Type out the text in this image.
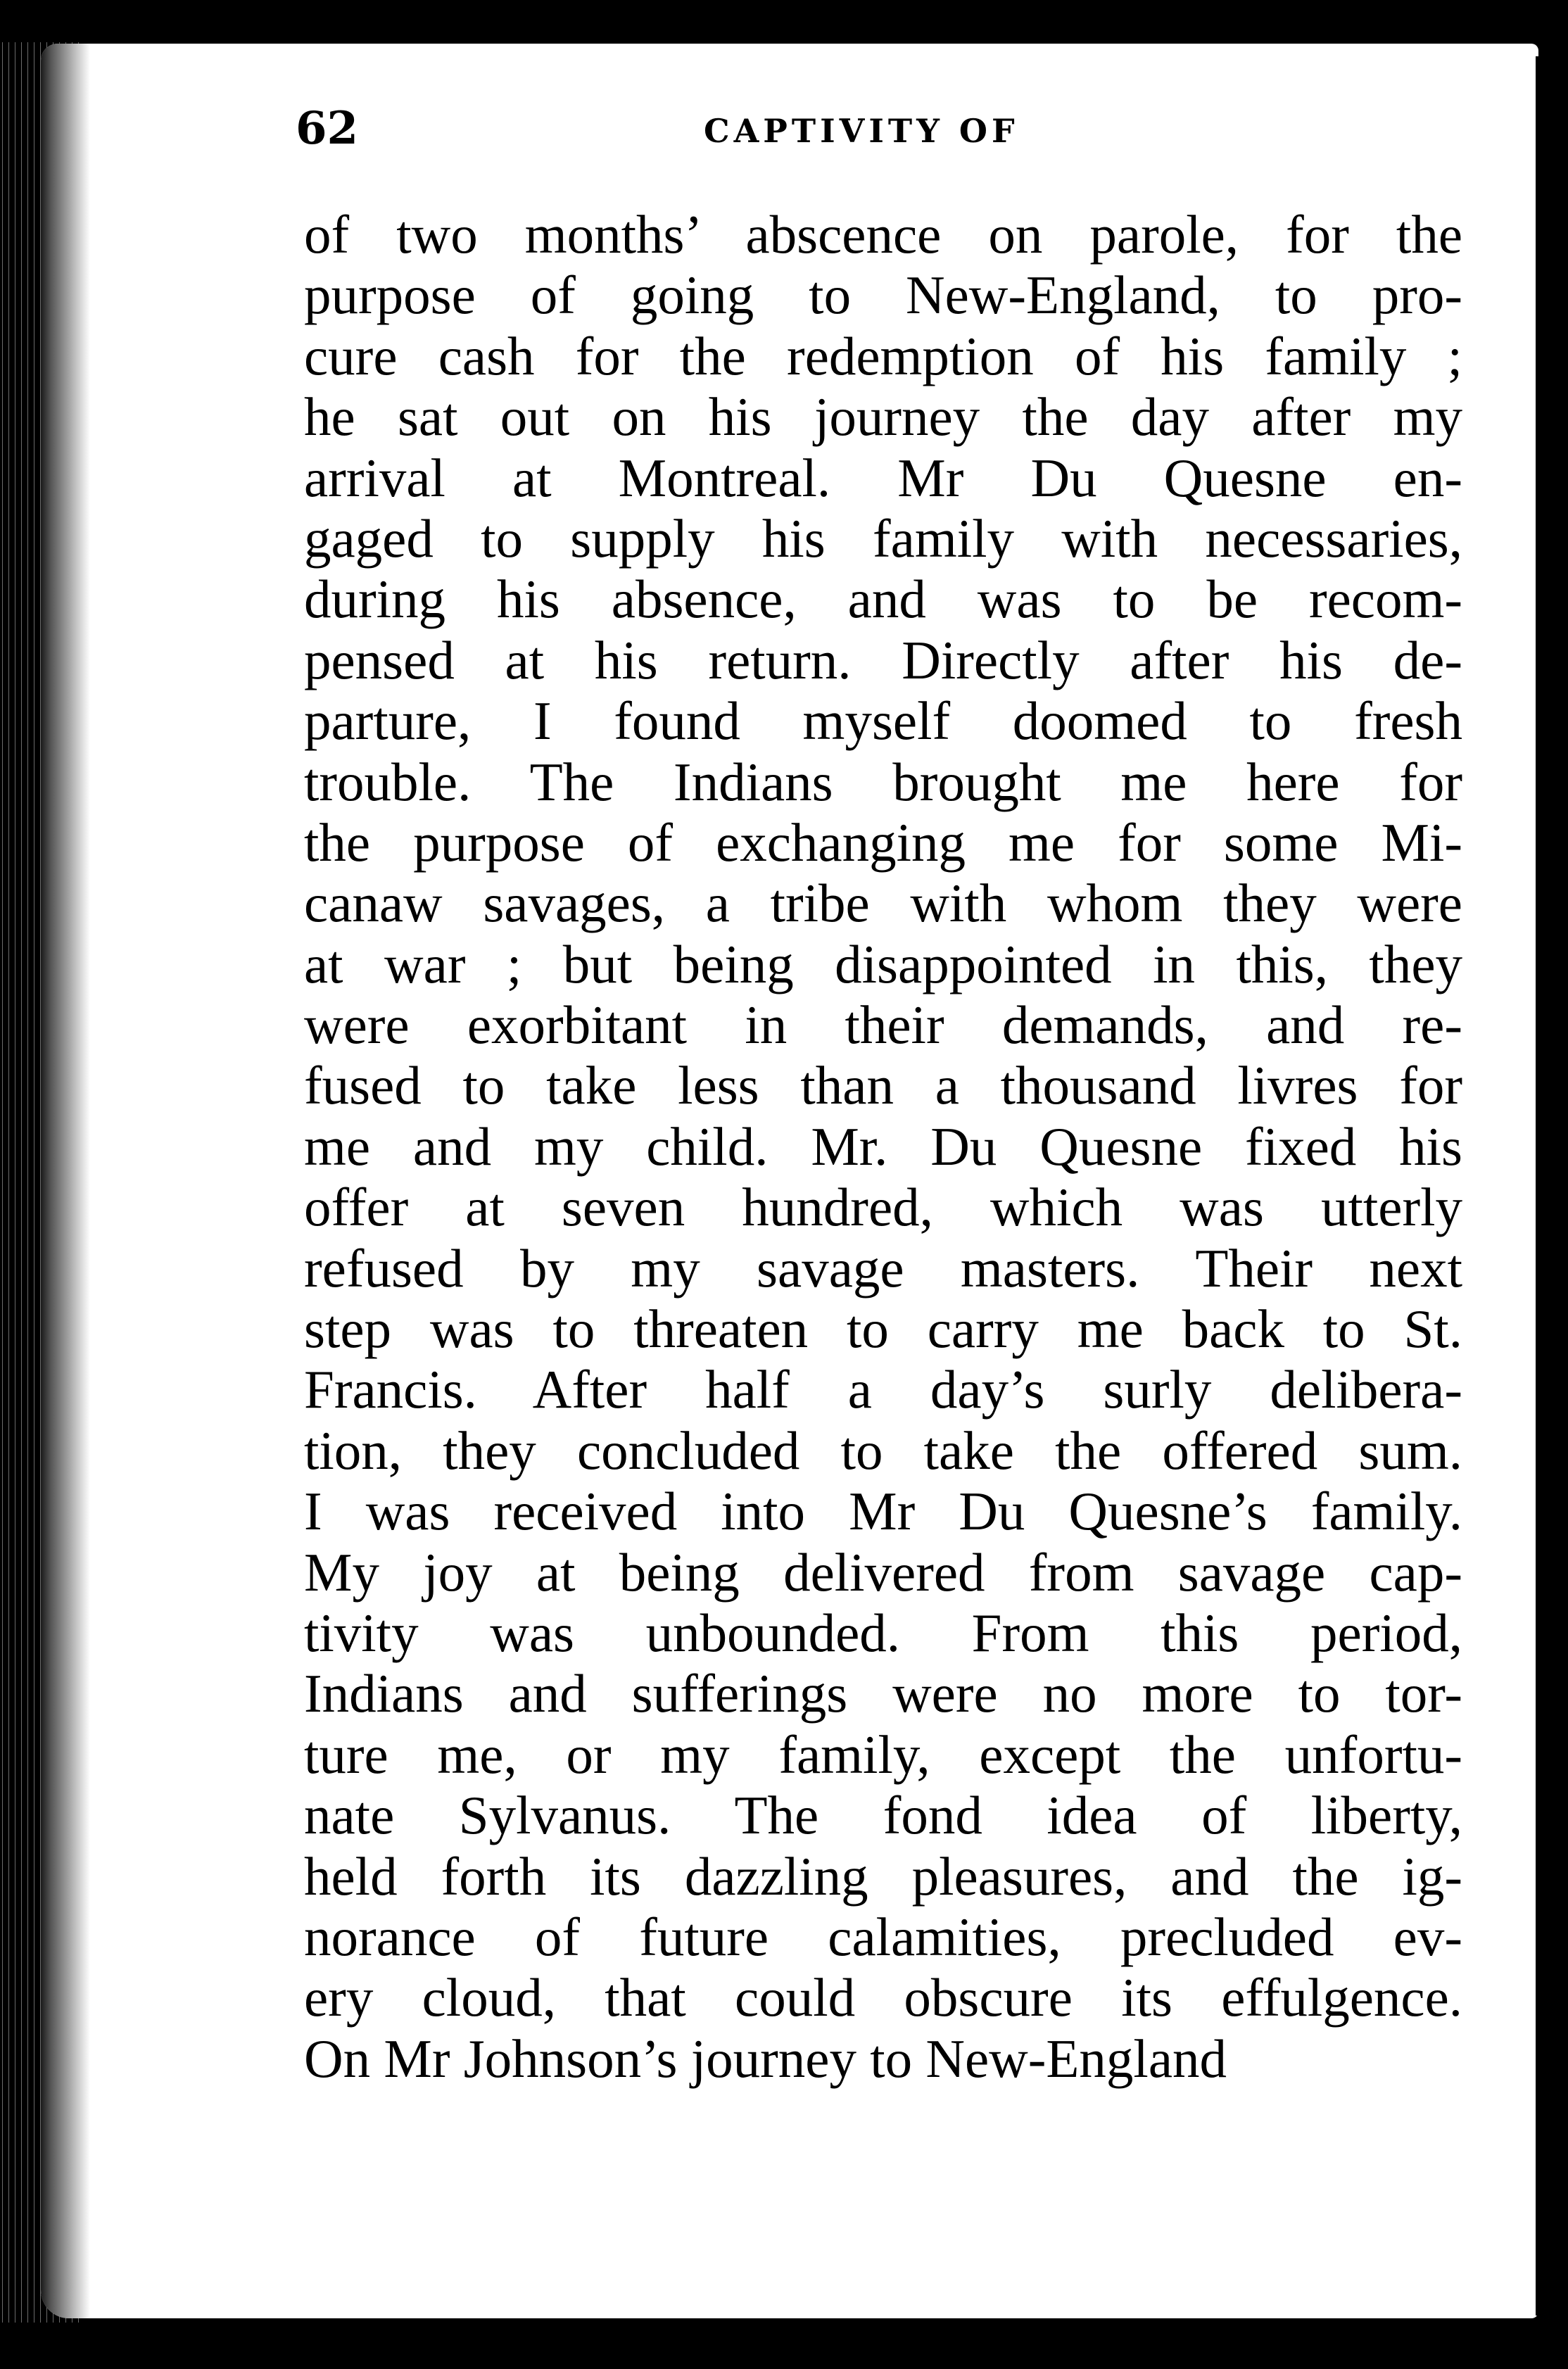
62	CAPTIVITY OF
of two months’ abscence on parole, for the
purpose of going to New-England, to pro-
cure cash for the redemption of his family ;
he sat out on his journey the day after my
arrival at Montreal. Mr Du Quesne en-
gaged to supply his family with necessaries,
during his absence, and was to be recom-
pensed at his return. Directly after his de-
parture, I found myself doomed to fresh
trouble. The Indians brought me here for
the purpose of exchanging me for some Mi-
canaw savages, a tribe with whom they were
at war ; but being disappointed in this, they
were exorbitant in their demands, and re-
fused to take less than a thousand livres for
me and my child. Mr. Du Quesne fixed his
offer at seven hundred, which was utterly
refused by my savage masters. Their next
step was to threaten to carry me back to St.
Francis. After half a day’s surly delibera-
tion, they concluded to take the offered sum.
I was received into Mr Du Quesne’s family.
My joy at being delivered from savage cap-
tivity was unbounded. From this period,
Indians and sufferings were no more to tor-
ture me, or my family, except the unfortu-
nate Sylvanus. The fond idea of liberty,
held forth its dazzling pleasures, and the ig-
norance of future calamities, precluded ev-
ery cloud, that could obscure its effulgence.
On Mr Johnson’s journey to New-England
